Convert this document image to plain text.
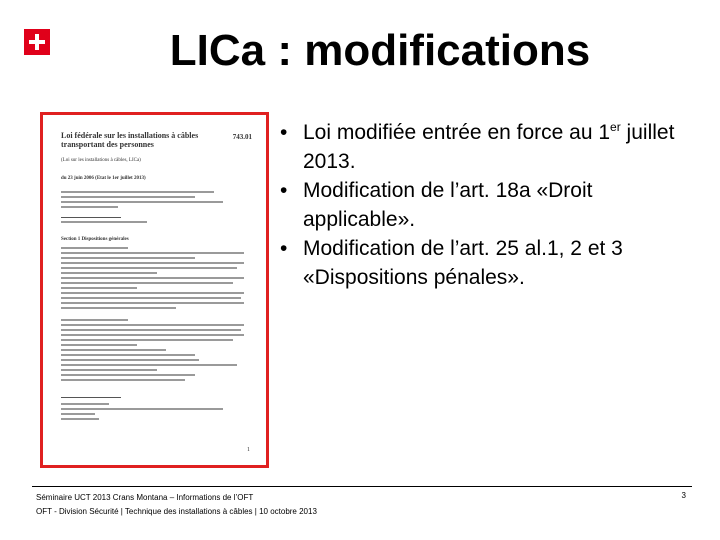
LICa : modifications
Loi fédérale sur les installations à câbles transportant des personnes
743.01
(Loi sur les installations à câbles, LICa)
du 23 juin 2006 (Etat le 1er juillet 2013)
Section 1 Dispositions générales
1
• Loi modifiée entrée en force au 1er juillet 2013.
• Modification de l’art. 18a «Droit applicable».
• Modification de l’art. 25 al.1, 2 et 3 «Dispositions pénales».
Séminaire UCT 2013 Crans Montana – Informations de l’OFT
OFT - Division Sécurité | Technique des installations à câbles | 10 octobre 2013
3
